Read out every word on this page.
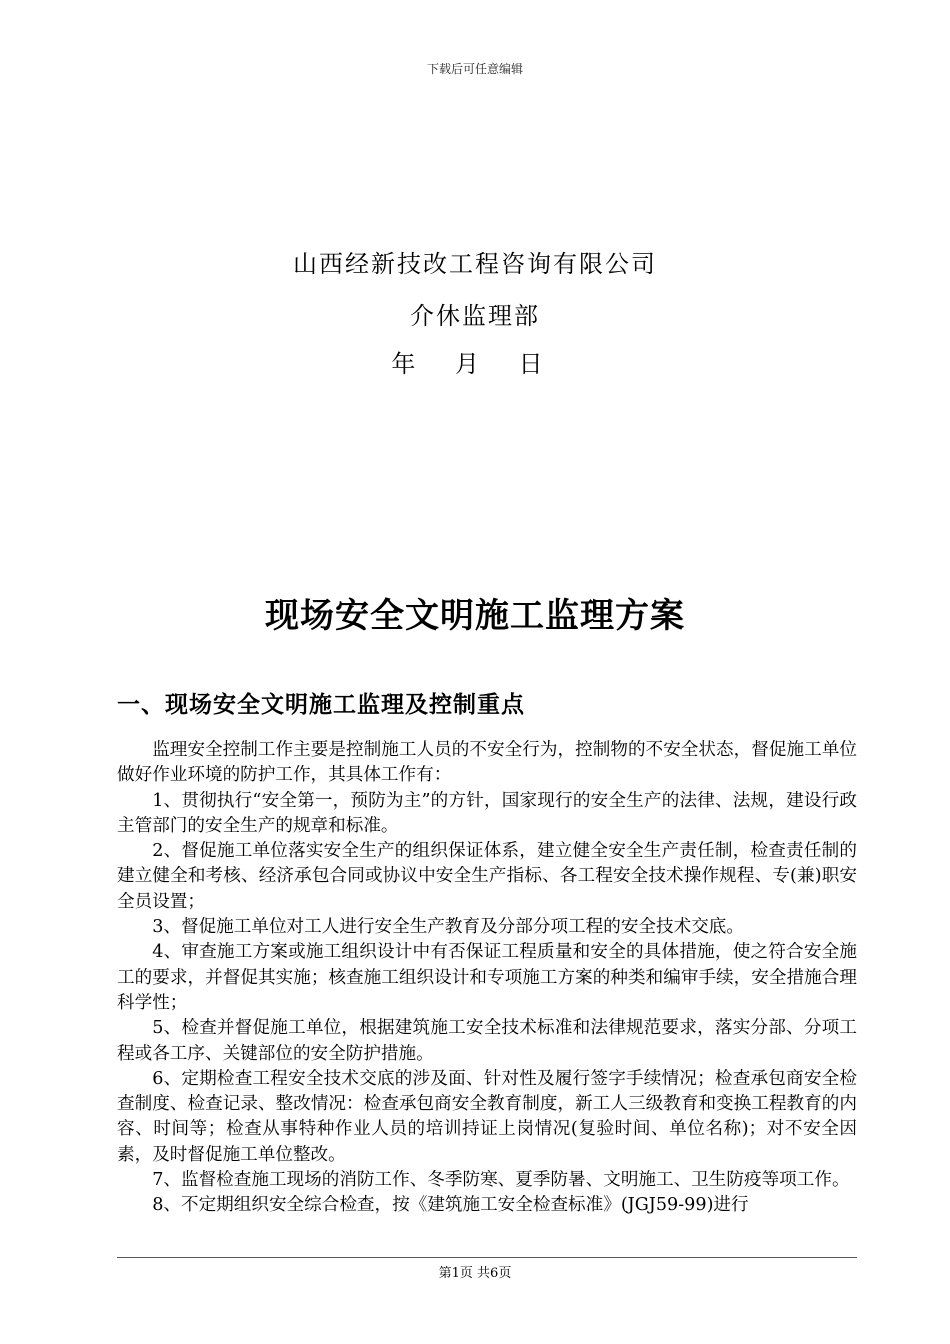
下载后可任意编辑
山西经新技改工程咨询有限公司
介休监理部
年 月 日
现场安全文明施工监理方案
一、现场安全文明施工监理及控制重点

监理安全控制工作主要是控制施工人员的不安全行为，控制物的不安全状态，督促施工单位做好作业环境的防护工作，其具体工作有：

1、贯彻执行“安全第一，预防为主”的方针，国家现行的安全生产的法律、法规，建设行政主管部门的安全生产的规章和标准。

2、督促施工单位落实安全生产的组织保证体系，建立健全安全生产责任制，检查责任制的建立健全和考核、经济承包合同或协议中安全生产指标、各工程安全技术操作规程、专(兼)职安全员设置；

3、督促施工单位对工人进行安全生产教育及分部分项工程的安全技术交底。

4、审查施工方案或施工组织设计中有否保证工程质量和安全的具体措施，使之符合安全施工的要求，并督促其实施；核查施工组织设计和专项施工方案的种类和编审手续，安全措施合理科学性；

5、检查并督促施工单位，根据建筑施工安全技术标准和法律规范要求，落实分部、分项工程或各工序、关键部位的安全防护措施。

6、定期检查工程安全技术交底的涉及面、针对性及履行签字手续情况；检查承包商安全检查制度、检查记录、整改情况：检查承包商安全教育制度，新工人三级教育和变换工程教育的内容、时间等；检查从事特种作业人员的培训持证上岗情况(复验时间、单位名称)；对不安全因素，及时督促施工单位整改。

7、监督检查施工现场的消防工作、冬季防寒、夏季防暑、文明施工、卫生防疫等项工作。

8、不定期组织安全综合检查，按《建筑施工安全检查标准》(JGJ59-99)进行

第1页 共6页
